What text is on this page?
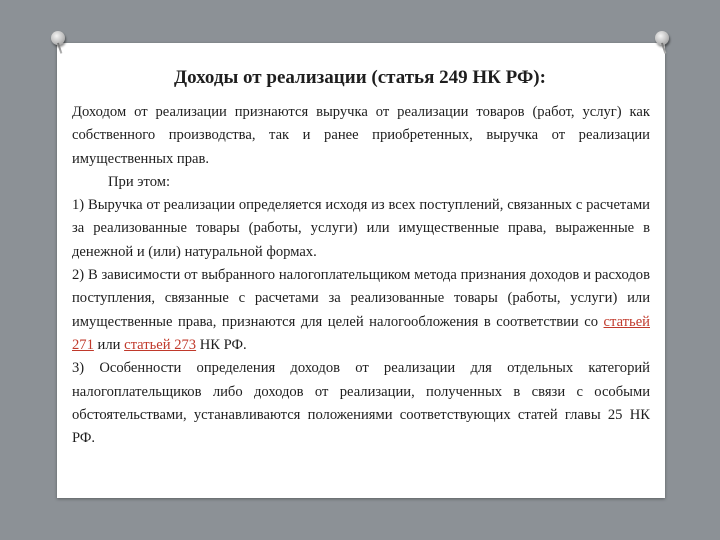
Доходы от реализации (статья 249 НК РФ):

Доходом от реализации признаются выручка от реализации товаров (работ, услуг) как собственного производства, так и ранее приобретенных, выручка от реализации имущественных прав.

При этом:

1) Выручка от реализации определяется исходя из всех поступлений, связанных с расчетами за реализованные товары (работы, услуги) или имущественные права, выраженные в денежной и (или) натуральной формах.

2) В зависимости от выбранного налогоплательщиком метода признания доходов и расходов поступления, связанные с расчетами за реализованные товары (работы, услуги) или имущественные права, признаются для целей налогообложения в соответствии со статьей 271 или статьей 273 НК РФ.

3) Особенности определения доходов от реализации для отдельных категорий налогоплательщиков либо доходов от реализации, полученных в связи с особыми обстоятельствами, устанавливаются положениями соответствующих статей главы 25 НК РФ.
